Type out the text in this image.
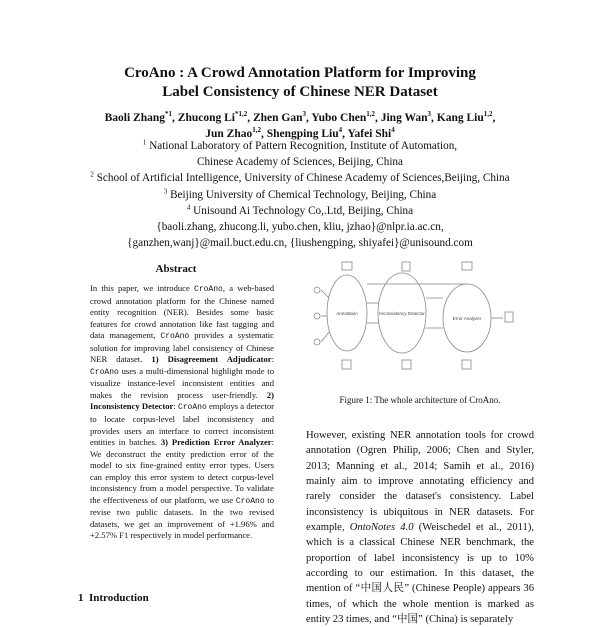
CroAno : A Crowd Annotation Platform for Improving
Label Consistency of Chinese NER Dataset
Baoli Zhang$^{*1}$, Zhucong Li$^{*1,2}$, Zhen Gan$^3$, Yubo Chen$^{1,2}$, Jing Wan$^3$, Kang Liu$^{1,2}$,
Jun Zhao$^{1,2}$, Shengping Liu$^4$, Yafei Shi$^4$
$^1$ National Laboratory of Pattern Recognition, Institute of Automation,
Chinese Academy of Sciences, Beijing, China
$^2$ School of Artificial Intelligence, University of Chinese Academy of Sciences,Beijing, China
$^3$ Beijing University of Chemical Technology, Beijing, China
$^4$ Unisound Ai Technology Co,.Ltd, Beijing, China
{baoli.zhang, zhucong.li, yubo.chen, kliu, jzhao}@nlpr.ia.ac.cn,
{ganzhen,wanj}@mail.buct.edu.cn, {liushengping, shiyafei}@unisound.com
Abstract
In this paper, we introduce CroAno, a web-based crowd annotation platform for the Chinese named entity recognition (NER). Besides some basic features for crowd annotation like fast tagging and data management, CroAno provides a systematic solution for improving label consistency of Chinese NER dataset. 1) Disagreement Adjudicator: CroAno uses a multi-dimensional highlight mode to visualize instance-level inconsistent entities and makes the revision process user-friendly. 2) Inconsistency Detector: CroAno employs a detector to locate corpus-level label inconsistency and provides users an interface to correct inconsistent entities in batches. 3) Prediction Error Analyzer: We deconstruct the entity prediction error of the model to six fine-grained entity error types. Users can employ this error system to detect corpus-level inconsistency from a model perspective. To validate the effectiveness of our platform, we use CroAno to revise two public datasets. In the two revised datasets, we get an improvement of +1.96% and +2.57% F1 respectively in model performance.
Annotation	Inconsistency Detector
Error Analyzer
Figure 1: The whole architecture of CroAno.
However, existing NER annotation tools for crowd annotation (Ogren Philip, 2006; Chen and Styler, 2013; Manning et al., 2014; Samih et al., 2016) mainly aim to improve annotating efficiency and rarely consider the dataset's consistency. Label inconsistency is ubiquitous in NER datasets. For example, OntoNotes 4.0 (Weischedel et al., 2011), which is a classical Chinese NER benchmark, the proportion of label inconsistency is up to 10% according to our estimation. In this dataset, the mention of “中国人民” (Chinese People) appears 36 times, of which the whole mention is marked as entity 23 times, and “中国” (China) is separately
1 Introduction
